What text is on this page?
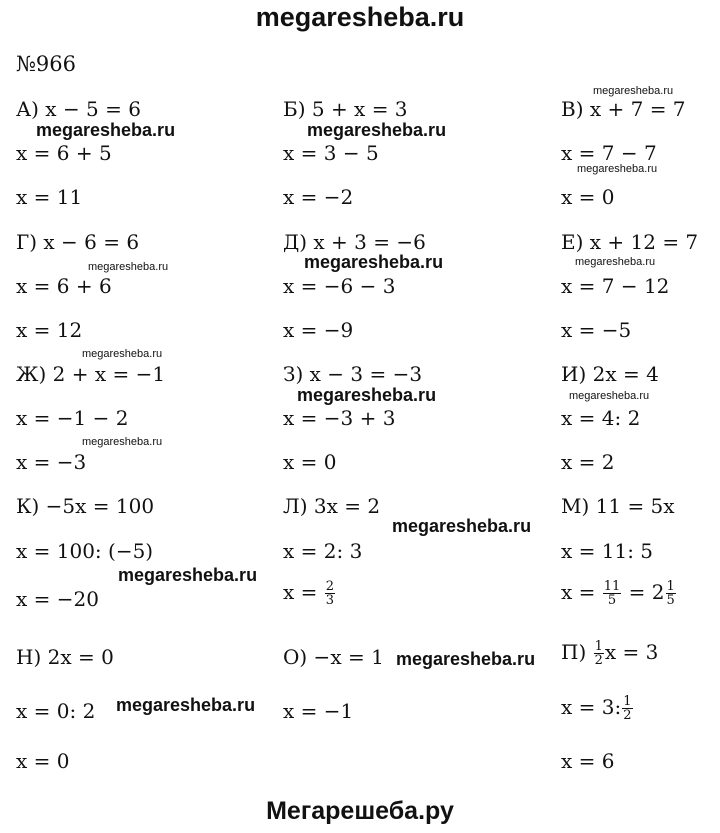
megaresheba.ru
№966
А) x − 5 = 6
x = 6 + 5
x = 11
Б) 5 + x = 3
x = 3 − 5
x = −2
В) x + 7 = 7
x = 7 − 7
x = 0
Г) x − 6 = 6
x = 6 + 6
x = 12
Д) x + 3 = −6
x = −6 − 3
x = −9
Е) x + 12 = 7
x = 7 − 12
x = −5
Ж) 2 + x = −1
x = −1 − 2
x = −3
З) x − 3 = −3
x = −3 + 3
x = 0
И) 2x = 4
x = 4: 2
x = 2
К) −5x = 100
x = 100: (−5)
x = −20
Л) 3x = 2
x = 2: 3
$x = \frac{2}{3}$
М) 11 = 5x
x = 11: 5
$x = \frac{11}{5} = 2 \frac{1}{5}$
Н) 2x = 0
x = 0: 2
x = 0
О) −x = 1
x = −1
$П) \frac{1}{2}$ x = 3
x = 3: $\frac{1}{2}$
x = 6
megaresheba.ru
megaresheba.ru	megaresheba.ru
megaresheba.ru
megaresheba.ru	megaresheba.ru	megaresheba.ru
megaresheba.ru
megaresheba.ru	megaresheba.ru
megaresheba.ru
megaresheba.ru
megaresheba.ru
megaresheba.ru
megaresheba.ru
Мегарешеба.ру
